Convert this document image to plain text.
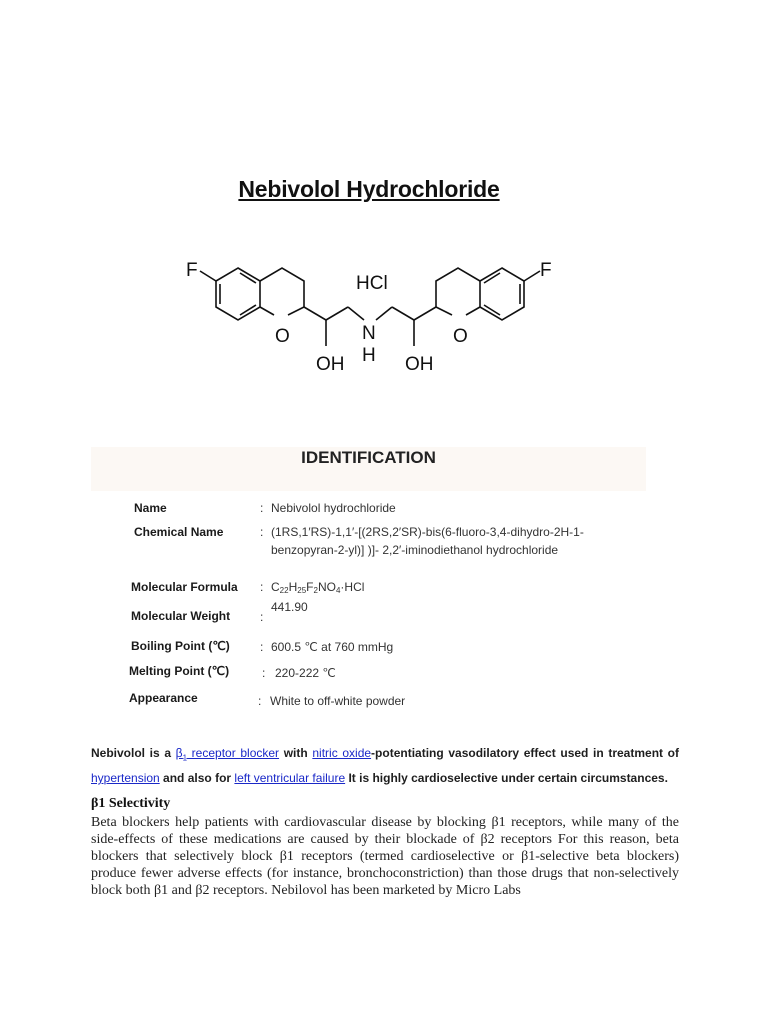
Nebivolol Hydrochloride
F	F
HCl
O	O
N
H
OH	OH
IDENTIFICATION
Name	: Nebivolol hydrochloride
Chemical Name	: (1RS,1′RS)-1,1′-[(2RS,2′SR)-bis(6-fluoro-3,4-dihydro-2H-1-
benzopyran-2-yl)] )]- 2,2′-iminodiethanol hydrochloride
Molecular Formula : $C_{22}H_{25}F_2NO_4\cdot HCl$
Molecular Weight :
441.90
Boiling Point (℃)	: 600.5 ℃ at 760 mmHg
Melting Point (℃)	: 220-222 ℃
Appearance	: White to off-white powder
Nebivolol is a $\beta_1$ receptor blocker with nitric oxide-potentiating vasodilatory effect used in treatment of hypertension and also for left ventricular failure It is highly cardioselective under certain circumstances.
β1 Selectivity
Beta blockers help patients with cardiovascular disease by blocking β1 receptors, while many of the side-effects of these medications are caused by their blockade of β2 receptors For this reason, beta blockers that selectively block β1 receptors (termed cardioselective or β1-selective beta blockers) produce fewer adverse effects (for instance, bronchoconstriction) than those drugs that non-selectively block both β1 and β2 receptors. Nebilovol has been marketed by Micro Labs
